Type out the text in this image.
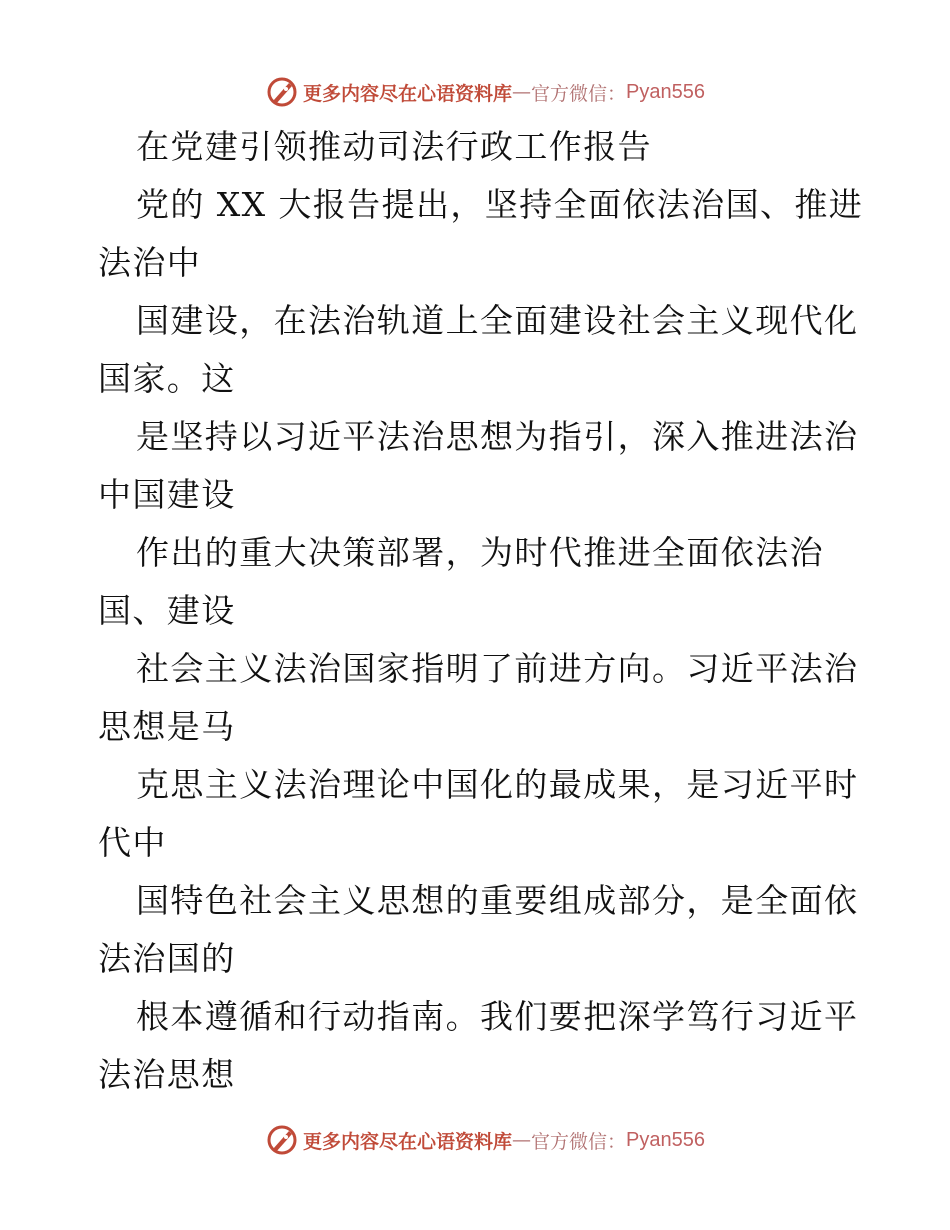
更多内容尽在心语资料库 — 官方微信： Pyan556
在党建引领推动司法行政工作报告
党的 XX 大报告提出，坚持全面依法治国、推进
法治中
国建设，在法治轨道上全面建设社会主义现代化
国家。这
是坚持以习近平法治思想为指引，深入推进法治
中国建设
作出的重大决策部署，为时代推进全面依法治
国、建设
社会主义法治国家指明了前进方向。习近平法治
思想是马
克思主义法治理论中国化的最成果，是习近平时
代中
国特色社会主义思想的重要组成部分，是全面依
法治国的
根本遵循和行动指南。我们要把深学笃行习近平
法治思想
更多内容尽在心语资料库 — 官方微信： Pyan556
